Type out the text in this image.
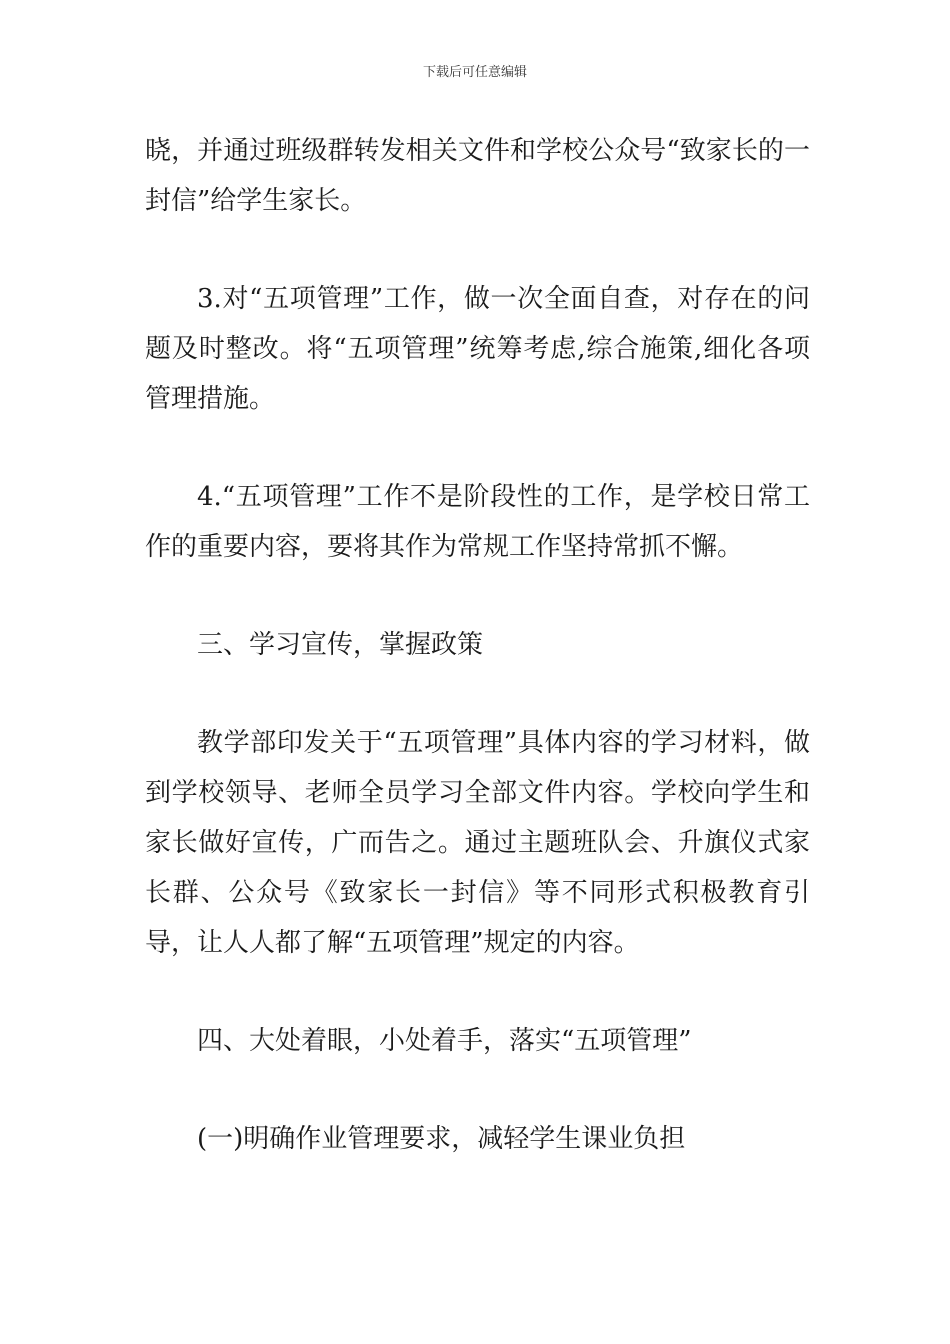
下载后可任意编辑

晓，并通过班级群转发相关文件和学校公众号“致家长的一封信”给学生家长。

3.对“五项管理”工作，做一次全面自查，对存在的问题及时整改。将“五项管理”统筹考虑,综合施策,细化各项管理措施。

4.“五项管理”工作不是阶段性的工作，是学校日常工作的重要内容，要将其作为常规工作坚持常抓不懈。

三、学习宣传，掌握政策

教学部印发关于“五项管理”具体内容的学习材料，做到学校领导、老师全员学习全部文件内容。学校向学生和家长做好宣传，广而告之。通过主题班队会、升旗仪式家长群、公众号《致家长一封信》等不同形式积极教育引导，让人人都了解“五项管理”规定的内容。

四、大处着眼，小处着手，落实“五项管理”

(一)明确作业管理要求，减轻学生课业负担
